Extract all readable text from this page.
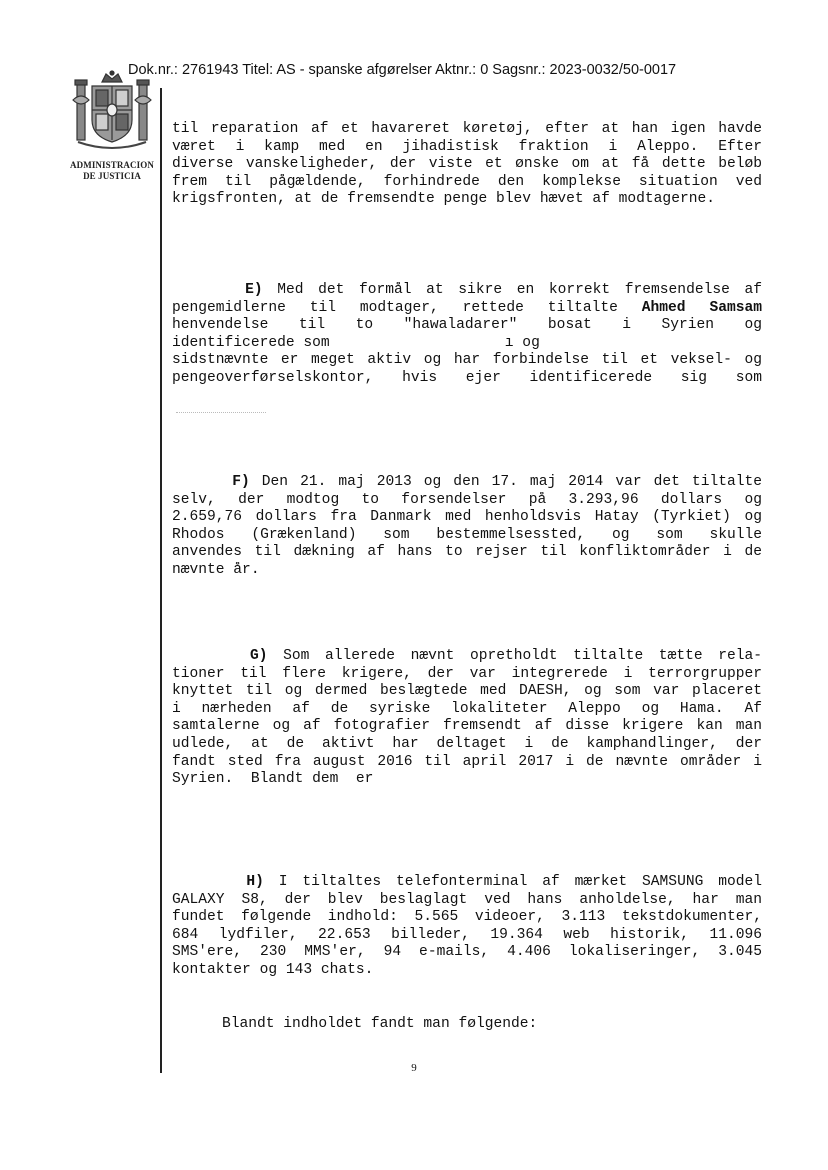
Dok.nr.: 2761943 Titel: AS - spanske afgørelser Aktnr.: 0 Sagsnr.: 2023-0032/50-0017
ADMINISTRACION
DE JUSTICIA
til reparation af et havareret køretøj, efter at han igen havde
været i kamp med en jihadistisk fraktion i Aleppo. Efter
diverse vanskeligheder, der viste et ønske om at få dette beløb
frem til pågældende, forhindrede den komplekse situation ved
krigsfronten, at de fremsendte penge blev hævet af modtagerne.
E) Med det formål at sikre en korrekt fremsendelse af
pengemidlerne til modtager, rettede tiltalte Ahmed Samsam
henvendelse til to "hawaladarer" bosat i Syrien og
identificerede som                    ı og
sidstnævnte er meget aktiv og har forbindelse til et veksel- og
pengeoverførselskontor, hvis ejer identificerede sig som
F) Den 21. maj 2013 og den 17. maj 2014 var det tiltalte
selv, der modtog to forsendelser på 3.293,96 dollars og
2.659,76 dollars fra Danmark med henholdsvis Hatay (Tyrkiet) og
Rhodos (Grækenland) som bestemmelsessted, og som skulle
anvendes til dækning af hans to rejser til konfliktområder i de
nævnte år.
G) Som allerede nævnt opretholdt tiltalte tætte rela-
tioner til flere krigere, der var integrerede i terrorgrupper
knyttet til og dermed beslægtede med DAESH, og som var placeret
i nærheden af de syriske lokaliteter Aleppo og Hama. Af
samtalerne og af fotografier fremsendt af disse krigere kan man
udlede, at de aktivt har deltaget i de kamphandlinger, der
fandt sted fra august 2016 til april 2017 i de nævnte områder i
Syrien.  Blandt dem  er
H) I tiltaltes telefonterminal af mærket SAMSUNG model
GALAXY S8, der blev beslaglagt ved hans anholdelse, har man
fundet følgende indhold: 5.565 videoer, 3.113 tekstdokumenter,
684 lydfiler, 22.653 billeder, 19.364 web historik, 11.096
SMS'ere, 230 MMS'er, 94 e-mails, 4.406 lokaliseringer, 3.045
kontakter og 143 chats.
Blandt indholdet fandt man følgende:
9
